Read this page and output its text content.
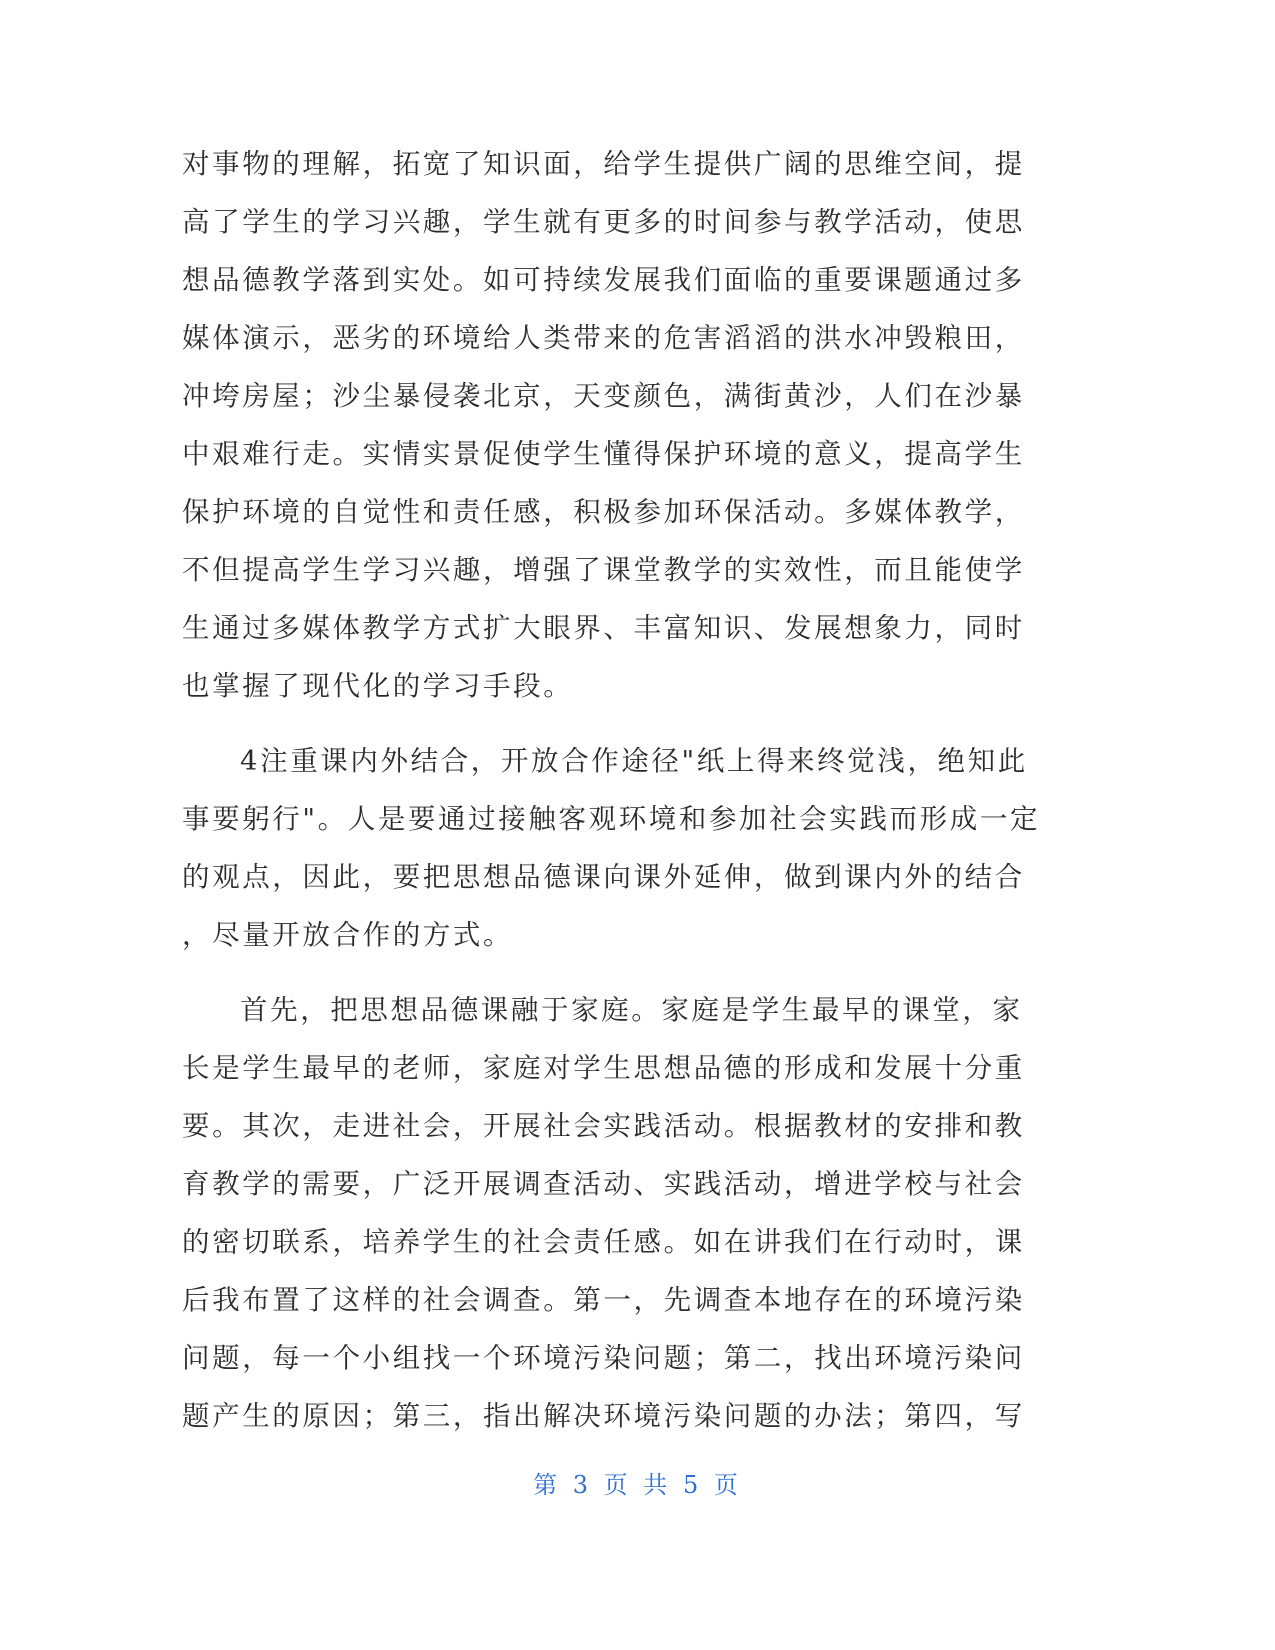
对事物的理解，拓宽了知识面，给学生提供广阔的思维空间，提
高了学生的学习兴趣，学生就有更多的时间参与教学活动，使思
想品德教学落到实处。如可持续发展我们面临的重要课题通过多
媒体演示，恶劣的环境给人类带来的危害滔滔的洪水冲毁粮田，
冲垮房屋；沙尘暴侵袭北京，天变颜色，满街黄沙，人们在沙暴
中艰难行走。实情实景促使学生懂得保护环境的意义，提高学生
保护环境的自觉性和责任感，积极参加环保活动。多媒体教学，
不但提高学生学习兴趣，增强了课堂教学的实效性，而且能使学
生通过多媒体教学方式扩大眼界、丰富知识、发展想象力，同时
也掌握了现代化的学习手段。
4注重课内外结合，开放合作途径"纸上得来终觉浅，绝知此
事要躬行"。人是要通过接触客观环境和参加社会实践而形成一定
的观点，因此，要把思想品德课向课外延伸，做到课内外的结合
，尽量开放合作的方式。
首先，把思想品德课融于家庭。家庭是学生最早的课堂，家
长是学生最早的老师，家庭对学生思想品德的形成和发展十分重
要。其次，走进社会，开展社会实践活动。根据教材的安排和教
育教学的需要，广泛开展调查活动、实践活动，增进学校与社会
的密切联系，培养学生的社会责任感。如在讲我们在行动时，课
后我布置了这样的社会调查。第一，先调查本地存在的环境污染
问题，每一个小组找一个环境污染问题；第二，找出环境污染问
题产生的原因；第三，指出解决环境污染问题的办法；第四，写
第 3 页 共 5 页
